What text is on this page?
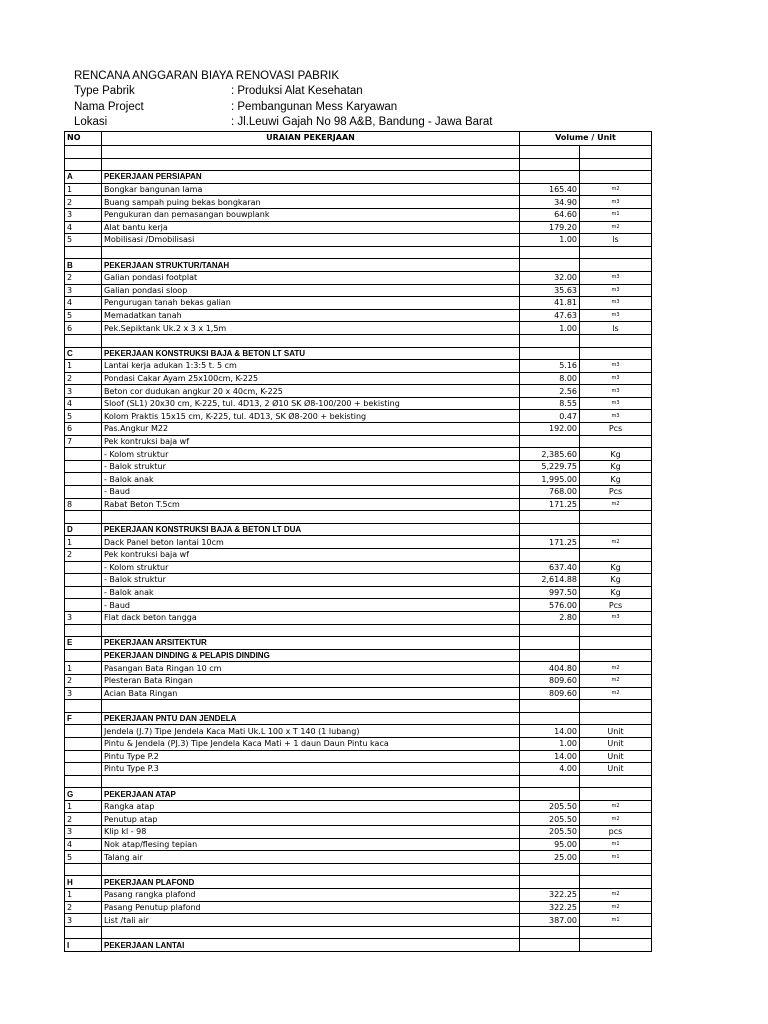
RENCANA ANGGARAN BIAYA RENOVASI PABRIK
Type Pabrik	: Produksi Alat Kesehatan
Nama Project	: Pembangunan Mess Karyawan
Lokasi	: Jl.Leuwi Gajah No 98 A&B, Bandung - Jawa Barat
NO	URAIAN PEKERJAAN	Volume / Unit	

A	PEKERJAAN PERSIAPAN		
1	Bongkar bangunan lama	165.40	m2
2	Buang sampah puing bekas bongkaran	34.90	m3
3	Pengukuran dan pemasangan bouwplank	64.60	m1
4	Alat bantu kerja	179.20	m2
5	Mobilisasi /Dmobilisasi	1.00	ls

B	PEKERJAAN STRUKTUR/TANAH		
2	Galian pondasi footplat	32.00	m3
3	Galian pondasi sloop	35.63	m3
4	Pengurugan tanah bekas galian	41.81	m3
5	Memadatkan tanah	47.63	m3
6	Pek.Sepiktank Uk.2 x 3 x 1,5m	1.00	ls

C	PEKERJAAN KONSTRUKSI BAJA & BETON LT SATU		
1	Lantai kerja adukan 1:3:5 t. 5 cm	5.16	m3
2	Pondasi Cakar Ayam 25x100cm, K-225	8.00	m3
3	Beton cor dudukan angkur 20 x 40cm, K-225	2.56	m3
4	Sloof (SL1) 20x30 cm, K-225, tul. 4D13, 2 Ø10 SK Ø8-100/200 + bekisting	8.55	m3
5	Kolom Praktis 15x15 cm, K-225, tul. 4D13, SK Ø8-200 + bekisting	0.47	m3
6	Pas.Angkur M22	192.00	Pcs
7	Pek kontruksi baja wf		
	- Kolom struktur	2,385.60	Kg
	- Balok struktur	5,229.75	Kg
	- Balok anak	1,995.00	Kg
	- Baud	768.00	Pcs
8	Rabat Beton T.5cm	171.25	m2

D	PEKERJAAN KONSTRUKSI BAJA & BETON LT DUA		
1	Dack Panel beton lantai 10cm	171.25	m2
2	Pek kontruksi baja wf		
	- Kolom struktur	637.40	Kg
	- Balok struktur	2,614.88	Kg
	- Balok anak	997.50	Kg
	- Baud	576.00	Pcs
3	Flat dack beton tangga	2.80	m3

E	PEKERJAAN ARSITEKTUR		
	PEKERJAAN DINDING & PELAPIS DINDING		
1	Pasangan Bata Ringan 10 cm	404.80	m2
2	Plesteran Bata Ringan	809.60	m2
3	Acian Bata Ringan	809.60	m2

F	PEKERJAAN PNTU DAN JENDELA		
	Jendela (J.7) Tipe Jendela Kaca Mati Uk.L 100 x T 140 (1 lubang)	14.00	Unit
	Pintu & Jendela (PJ.3) Tipe Jendela Kaca Mati + 1 daun Daun Pintu kaca	1.00	Unit
	Pintu Type P.2	14.00	Unit
	Pintu Type P.3	4.00	Unit

G	PEKERJAAN ATAP		
1	Rangka atap	205.50	m2
2	Penutup atap	205.50	m2
3	Klip kl - 98	205.50	pcs
4	Nok atap/flesing tepian	95.00	m1
5	Talang air	25.00	m1

H	PEKERJAAN PLAFOND		
1	Pasang rangka plafond	322.25	m2
2	Pasang Penutup plafond	322.25	m2
3	List /tali air	387.00	m1

I	PEKERJAAN LANTAI		
